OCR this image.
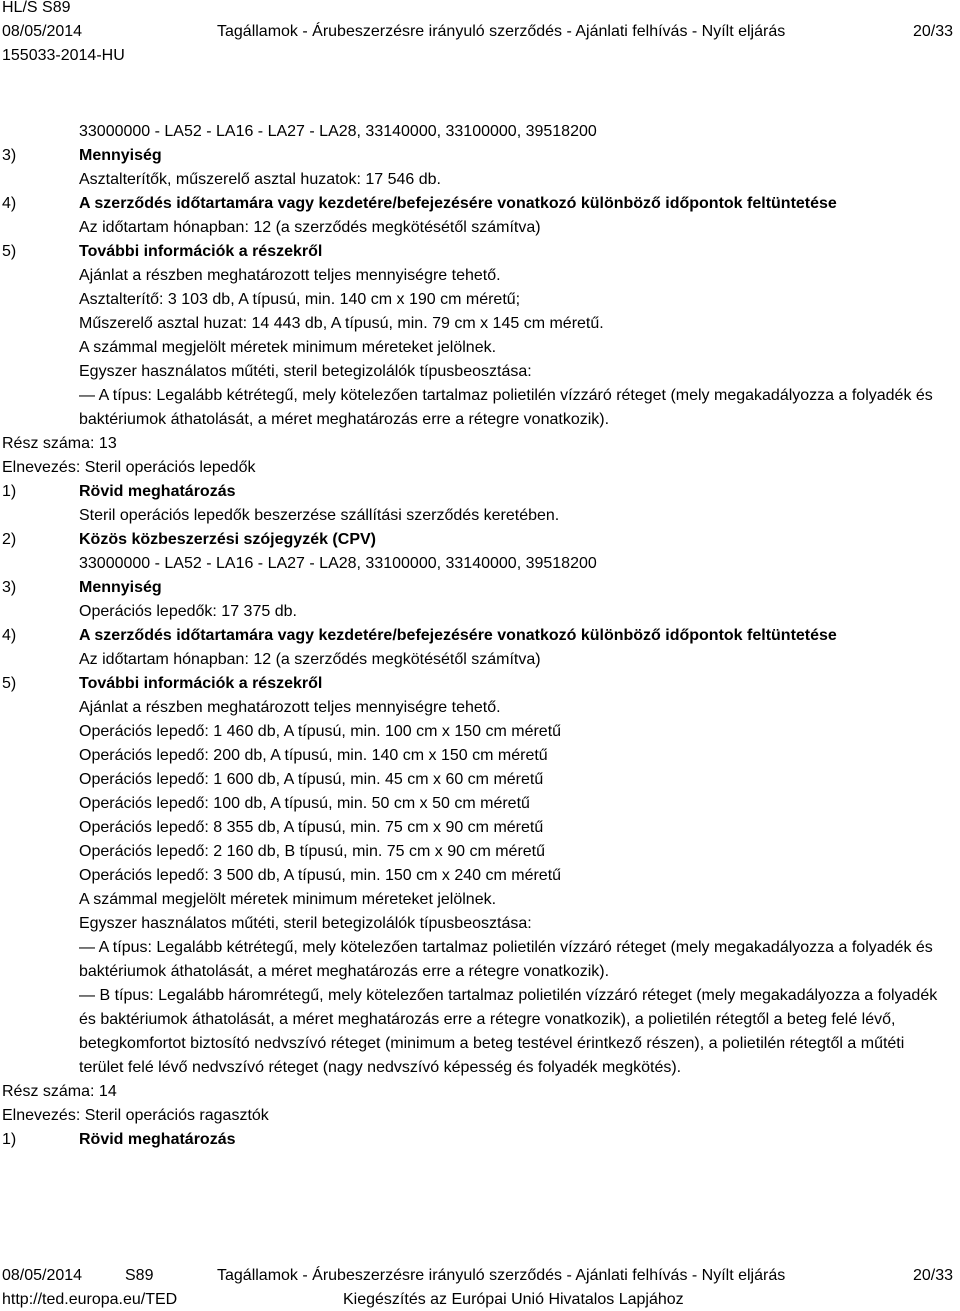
HL/S S89
08/05/2014
155033-2014-HU
Tagállamok - Árubeszerzésre irányuló szerződés - Ajánlati felhívás - Nyílt eljárás	20/33
33000000 - LA52 - LA16 - LA27 - LA28, 33140000, 33100000, 39518200
3)	Mennyiség
Asztalterítők, műszerelő asztal huzatok: 17 546 db.
4)	A szerződés időtartamára vagy kezdetére/befejezésére vonatkozó különböző időpontok feltüntetése
Az időtartam hónapban: 12 (a szerződés megkötésétől számítva)
5)	További információk a részekről
Ajánlat a részben meghatározott teljes mennyiségre tehető.
Asztalterítő: 3 103 db, A típusú, min. 140 cm x 190 cm méretű;
Műszerelő asztal huzat: 14 443 db, A típusú, min. 79 cm x 145 cm méretű.
A számmal megjelölt méretek minimum méreteket jelölnek.
Egyszer használatos műtéti, steril betegizolálók típusbeosztása:
— A típus: Legalább kétrétegű, mely kötelezően tartalmaz polietilén vízzáró réteget (mely megakadályozza a folyadék és baktériumok áthatolását, a méret meghatározás erre a rétegre vonatkozik).
Rész száma: 13
Elnevezés: Steril operációs lepedők
1)	Rövid meghatározás
Steril operációs lepedők beszerzése szállítási szerződés keretében.
2)	Közös közbeszerzési szójegyzék (CPV)
33000000 - LA52 - LA16 - LA27 - LA28, 33100000, 33140000, 39518200
3)	Mennyiség
Operációs lepedők: 17 375 db.
4)	A szerződés időtartamára vagy kezdetére/befejezésére vonatkozó különböző időpontok feltüntetése
Az időtartam hónapban: 12 (a szerződés megkötésétől számítva)
5)	További információk a részekről
Ajánlat a részben meghatározott teljes mennyiségre tehető.
Operációs lepedő: 1 460 db, A típusú, min. 100 cm x 150 cm méretű
Operációs lepedő: 200 db, A típusú, min. 140 cm x 150 cm méretű
Operációs lepedő: 1 600 db, A típusú, min. 45 cm x 60 cm méretű
Operációs lepedő: 100 db, A típusú, min. 50 cm x 50 cm méretű
Operációs lepedő: 8 355 db, A típusú, min. 75 cm x 90 cm méretű
Operációs lepedő: 2 160 db, B típusú, min. 75 cm x 90 cm méretű
Operációs lepedő: 3 500 db, A típusú, min. 150 cm x 240 cm méretű
A számmal megjelölt méretek minimum méreteket jelölnek.
Egyszer használatos műtéti, steril betegizolálók típusbeosztása:
— A típus: Legalább kétrétegű, mely kötelezően tartalmaz polietilén vízzáró réteget (mely megakadályozza a folyadék és baktériumok áthatolását, a méret meghatározás erre a rétegre vonatkozik).
— B típus: Legalább háromrétegű, mely kötelezően tartalmaz polietilén vízzáró réteget (mely megakadályozza a folyadék és baktériumok áthatolását, a méret meghatározás erre a rétegre vonatkozik), a polietilén rétegtől a beteg felé lévő, betegkomfortot biztosító nedvszívó réteget (minimum a beteg testével érintkező részen), a polietilén rétegtől a műtéti terület felé lévő nedvszívó réteget (nagy nedvszívó képesség és folyadék megkötés).
Rész száma: 14
Elnevezés: Steril operációs ragasztók
1)	Rövid meghatározás
08/05/2014	S89	Tagállamok - Árubeszerzésre irányuló szerződés - Ajánlati felhívás - Nyílt eljárás	20/33
http://ted.europa.eu/TED	Kiegészítés az Európai Unió Hivatalos Lapjához
